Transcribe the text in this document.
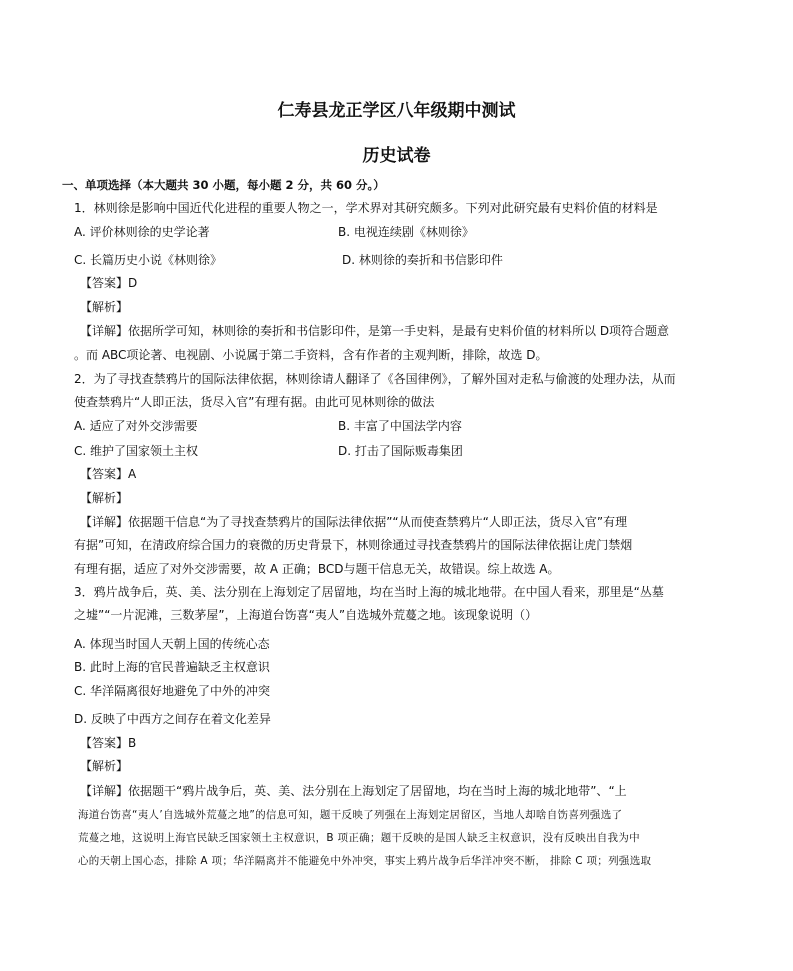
仁寿县龙正学区八年级期中测试
历史试卷
一、单项选择（本大题共 30 小题，每小题 2 分，共 60 分。）
1．林则徐是影响中国近代化进程的重要人物之一，学术界对其研究颇多。下列对此研究最有史料价值的材料是
A. 评价林则徐的史学论著	B. 电视连续剧《林则徐》
C. 长篇历史小说《林则徐》	D. 林则徐的奏折和书信影印件
【答案】D
【解析】
【详解】依据所学可知，林则徐的奏折和书信影印件，是第一手史料，是最有史料价值的材料所以 D项符合题意
。而 ABC项论著、电视剧、小说属于第二手资料，含有作者的主观判断，排除，故选 D。
2．为了寻找查禁鸦片的国际法律依据，林则徐请人翻译了《各国律例》，了解外国对走私与偷渡的处理办法，从而
使查禁鸦片“人即正法，货尽入官”有理有据。由此可见林则徐的做法
A. 适应了对外交涉需要	B. 丰富了中国法学内容
C. 维护了国家领土主权	D. 打击了国际贩毒集团
【答案】A
【解析】
【详解】依据题干信息“为了寻找查禁鸦片的国际法律依据”“从而使查禁鸦片“人即正法，货尽入官”有理
有据”可知，在清政府综合国力的衰微的历史背景下，林则徐通过寻找查禁鸦片的国际法律依据让虎门禁烟
有理有据，适应了对外交涉需要，故 A 正确；BCD与题干信息无关，故错误。综上故选 A。
3．鸦片战争后，英、美、法分别在上海划定了居留地，均在当时上海的城北地带。在中国人看来，那里是“丛墓
之墟”“一片泥滩，三数茅屋”，上海道台饬喜“夷人”自选城外荒蔓之地。该现象说明（）
A. 体现当时国人天朝上国的传统心态
B. 此时上海的官民普遍缺乏主权意识
C. 华洋隔离很好地避免了中外的冲突
D. 反映了中西方之间存在着文化差异
【答案】B
【解析】
【详解】依据题干“鸦片战争后，英、美、法分别在上海划定了居留地，均在当时上海的城北地带”、“上
海道台饬喜“夷人’自选城外荒蔓之地”的信息可知，题干反映了列强在上海划定居留区，当地人却啥自饬喜列强选了
荒蔓之地，这说明上海官民缺乏国家领土主权意识，B 项正确；题干反映的是国人缺乏主权意识，没有反映出自我为中
心的天朝上国心态，排除 A 项；华洋隔离并不能避免中外冲突，事实上鸦片战争后华洋冲突不断， 排除 C 项；列强选取
